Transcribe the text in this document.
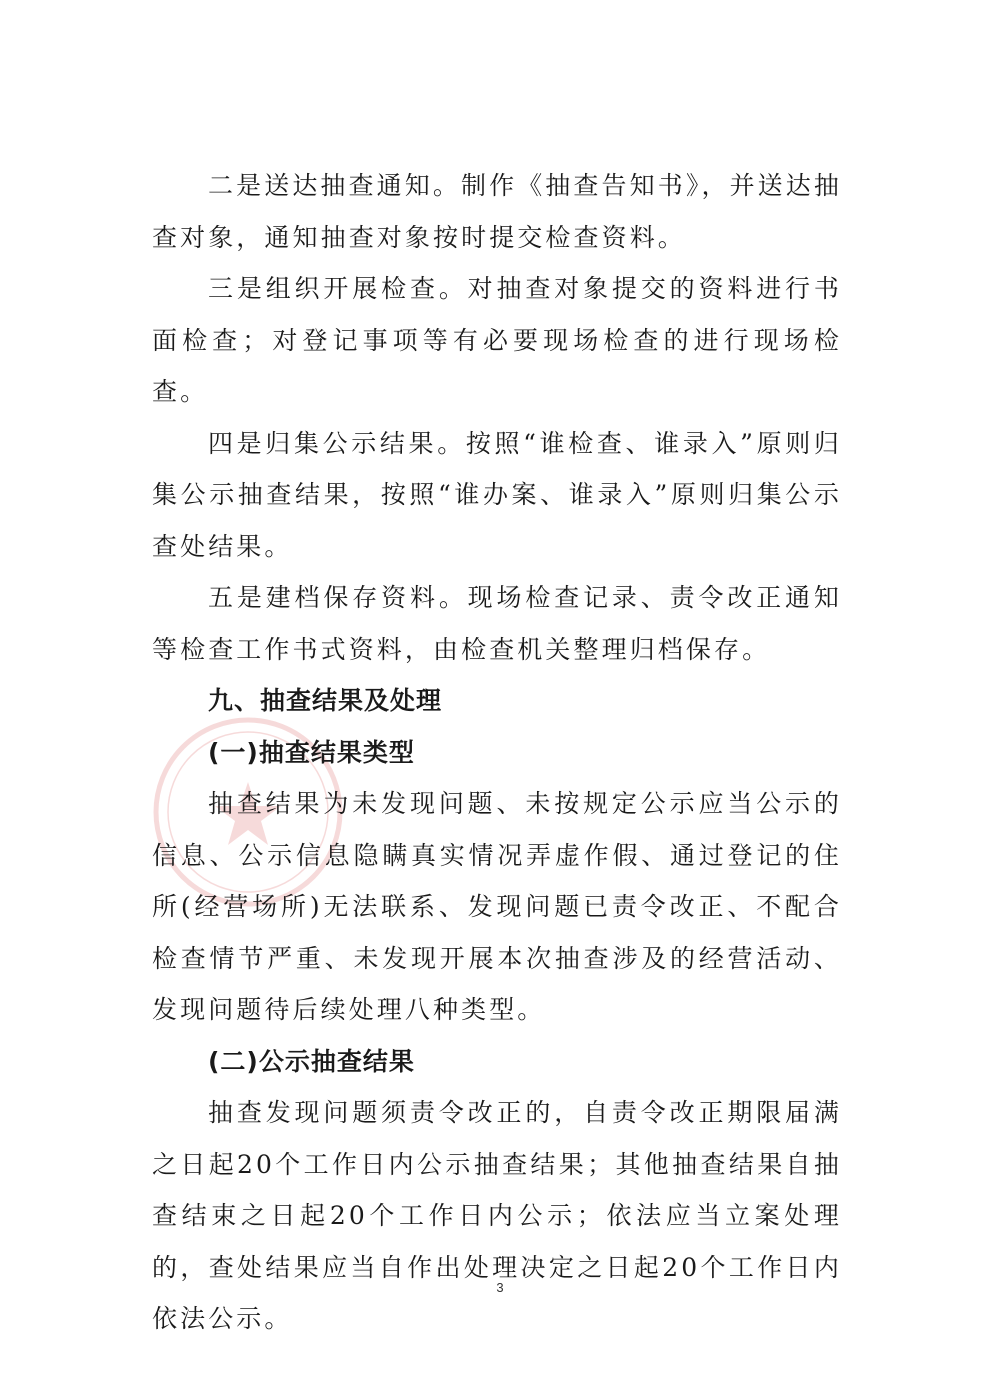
二是送达抽查通知。制作《抽查告知书》，并送达抽查对象，通知抽查对象按时提交检查资料。

三是组织开展检查。对抽查对象提交的资料进行书面检查；对登记事项等有必要现场检查的进行现场检查。

四是归集公示结果。按照“谁检查、谁录入”原则归集公示抽查结果，按照“谁办案、谁录入”原则归集公示查处结果。

五是建档保存资料。现场检查记录、责令改正通知等检查工作书式资料，由检查机关整理归档保存。

九、抽查结果及处理

(一)抽查结果类型

抽查结果为未发现问题、未按规定公示应当公示的信息、公示信息隐瞒真实情况弄虚作假、通过登记的住所(经营场所)无法联系、发现问题已责令改正、不配合检查情节严重、未发现开展本次抽查涉及的经营活动、发现问题待后续处理八种类型。

(二)公示抽查结果

抽查发现问题须责令改正的，自责令改正期限届满之日起20个工作日内公示抽查结果；其他抽查结果自抽查结束之日起20个工作日内公示；依法应当立案处理的，查处结果应当自作出处理决定之日起20个工作日内依法公示。

3
